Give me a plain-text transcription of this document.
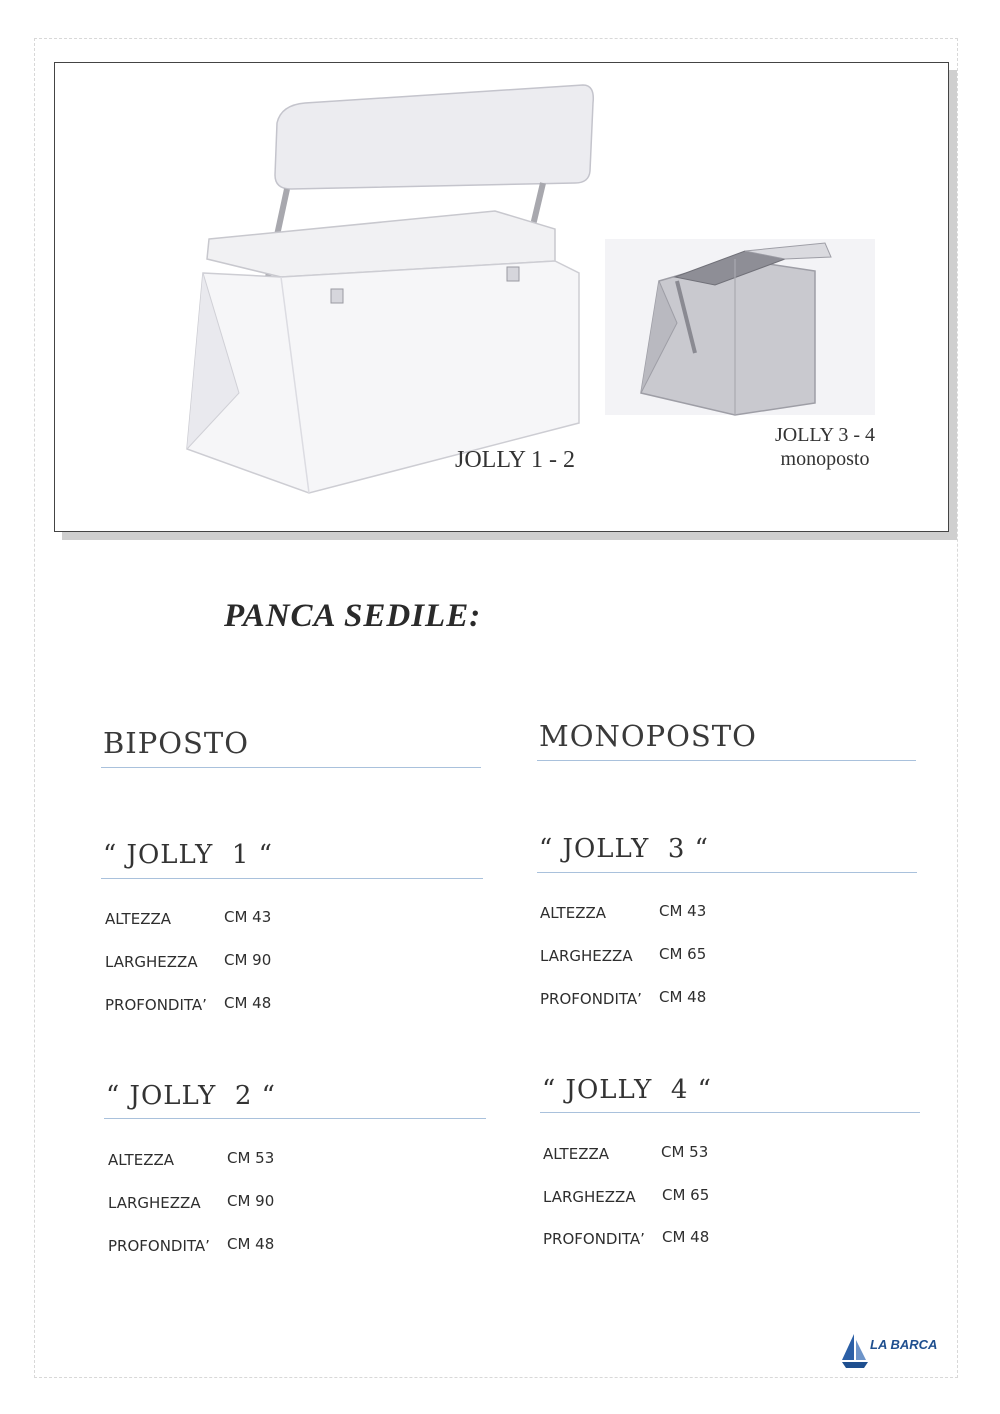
JOLLY 1 - 2
JOLLY 3 - 4
monoposto
PANCA SEDILE:
BIPOSTO
“ JOLLY  1 “
ALTEZZA	CM 43
LARGHEZZA CM 90
PROFONDITA’ CM 48
“ JOLLY  2 “
ALTEZZA	CM 53
LARGHEZZA CM 90
PROFONDITA’ CM 48
MONOPOSTO
“ JOLLY  3 “
ALTEZZA	CM 43
LARGHEZZA CM 65
PROFONDITA’ CM 48
“ JOLLY  4 “
ALTEZZA	CM 53
LARGHEZZA CM 65
PROFONDITA’ CM 48
LA BARCA
